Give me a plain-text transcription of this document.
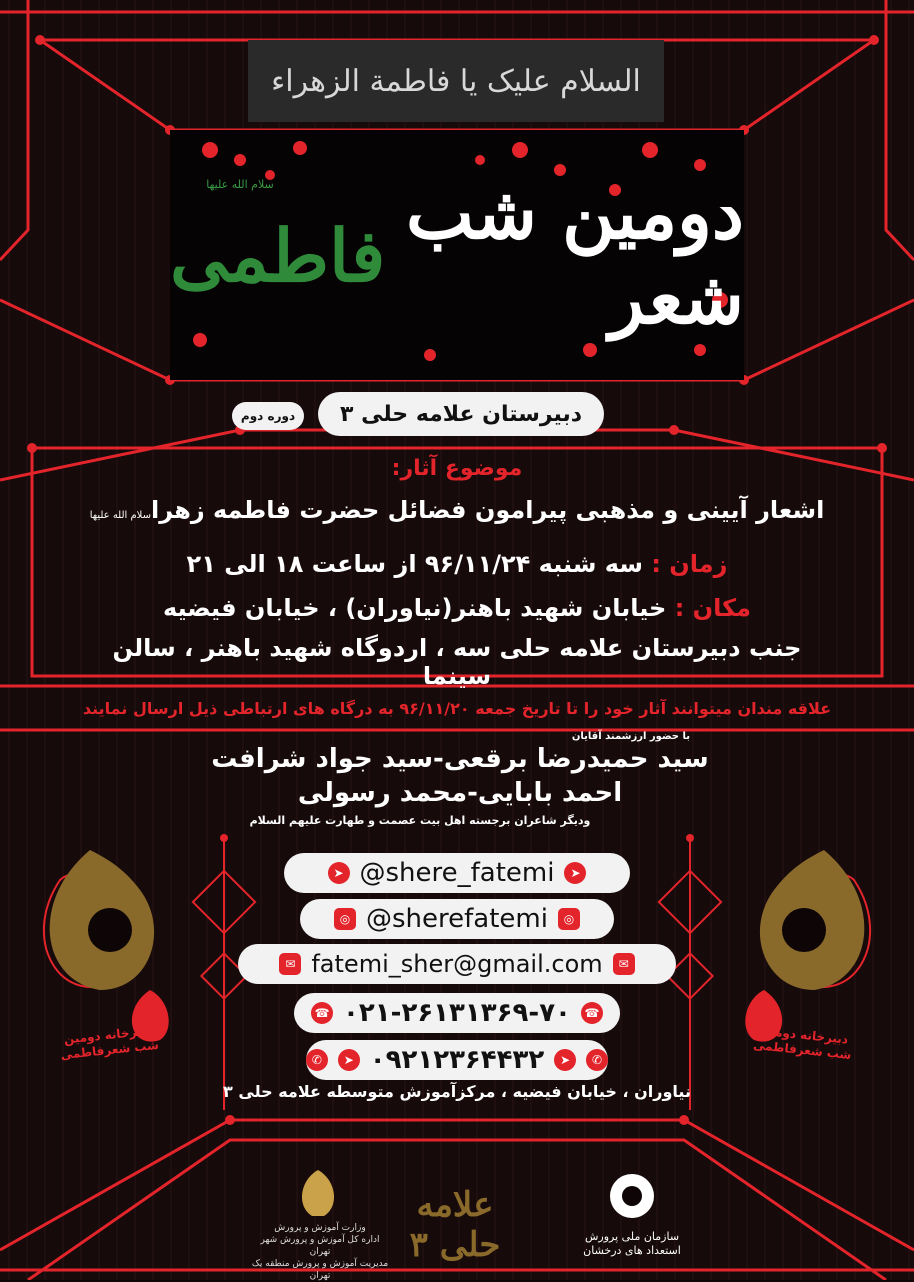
السلام علیک یا فاطمة الزهراء
دومین شب شعر
فاطمی
سلام الله علیها
دوره دوم	دبیرستان علامه حلی ۳
موضوع آثار:
اشعار آیینی و مذهبی پیرامون فضائل حضرت فاطمه زهراسلام الله علیها
زمان : سه شنبه ۹۶/۱۱/۲۴ از ساعت ۱۸ الی ۲۱
مکان : خیابان شهید باهنر(نیاوران) ، خیابان فیضیه
جنب دبیرستان علامه حلی سه ، اردوگاه شهید باهنر ، سالن سینما
علاقه مندان میتوانند آثار خود را تا تاریخ جمعه ۹۶/۱۱/۲۰ به درگاه های ارتباطی ذیل ارسال نمایند
با حضور ارزشمند آقایان
سید حمیدرضا برقعی-سید جواد شرافت
احمد بابایی-محمد رسولی
ودیگر شاعران برجسته اهل بیت عصمت و طهارت علیهم السلام
➤ @shere_fatemi	➤
◎ @sherefatemi	◎
✉ fatemi_sher@gmail.com	✉
☎ ۰۲۱-۲۶۱۳۱۳۶۹-۷۰ ☎
✆	➤ ۰۹۲۱۲۳۶۴۴۳۲	➤	✆
نیاوران ، خیابان فیضیه ، مرکزآموزش متوسطه علامه حلی ۳
دبیرخانه دومین شب شعرفاطمی
دبیرخانه دومین شب شعرفاطمی
وزارت آموزش و پرورش
اداره کل آموزش و پرورش شهر تهران
مدیریت آموزش و پرورش منطقه یک تهران
علامه حلی ۳	سازمان ملی پرورش
استعداد های درخشان
